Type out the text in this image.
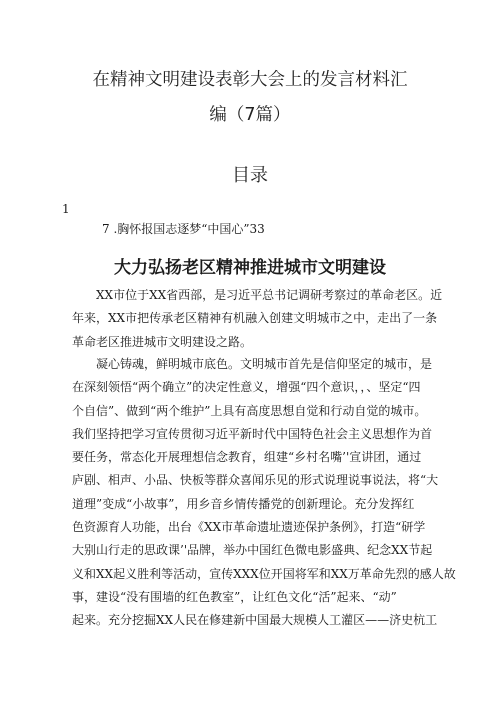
在精神文明建设表彰大会上的发言材料汇
编（7篇）
目录
1
7 .胸怀报国志逐梦“中国心”33
大力弘扬老区精神推进城市文明建设
XX市位于XX省西部，是习近平总书记调研考察过的革命老区。近
年来，XX市把传承老区精神有机融入创建文明城市之中，走出了一条
革命老区推进城市文明建设之路。
凝心铸魂，鲜明城市底色。文明城市首先是信仰坚定的城市，是
在深刻领悟“两个确立”的决定性意义，增强“四个意识，，、坚定“四
个自信”、做到“两个维护”上具有高度思想自觉和行动自觉的城市。
我们坚持把学习宣传贯彻习近平新时代中国特色社会主义思想作为首
要任务，常态化开展理想信念教育，组建“乡村名嘴’'宣讲团，通过
庐剧、相声、小品、快板等群众喜闻乐见的形式说理说事说法，将“大
道理”变成“小故事”，用乡音乡情传播党的创新理论。充分发挥红
色资源育人功能，出台《XX市革命遗址遗迹保护条例》，打造“研学
大别山行走的思政课’'品牌，举办中国红色微电影盛典、纪念XX节起
义和XX起义胜利等活动，宣传XXX位开国将军和XX万革命先烈的感人故
事，建设“没有围墙的红色教室”，让红色文化“活”起来、“动”
起来。充分挖掘XX人民在修建新中国最大规模人工灌区——济史杭工
